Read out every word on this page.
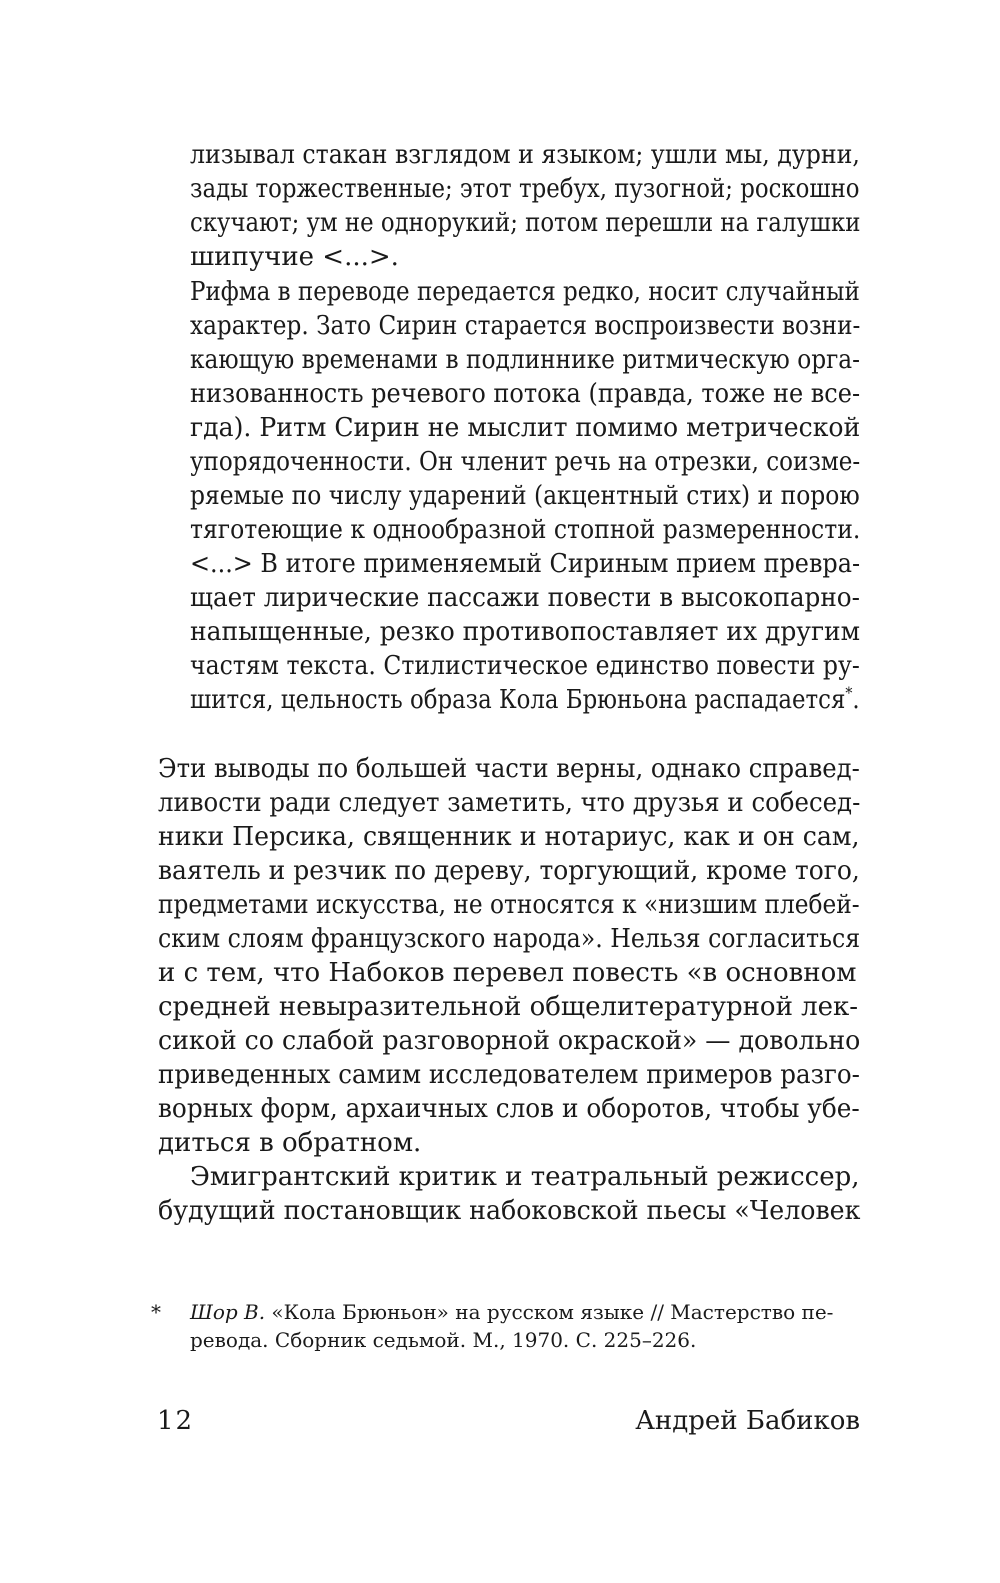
лизывал стакан взглядом и языком; ушли мы, дурни,

зады торжественные; этот требух, пузогной; роскошно

скучают; ум не однорукий; потом перешли на галушки

шипучие <...>.

Рифма в переводе передается редко, носит случайный

характер. Зато Сирин старается воспроизвести возни-

кающую временами в подлиннике ритмическую орга-

низованность речевого потока (правда, тоже не все-

гда). Ритм Сирин не мыслит помимо метрической

упорядоченности. Он членит речь на отрезки, соизме-

ряемые по числу ударений (акцентный стих) и порою

тяготеющие к однообразной стопной размеренности.

<...> В итоге применяемый Сириным прием превра-

щает лирические пассажи повести в высокопарно-

напыщенные, резко противопоставляет их другим

частям текста. Стилистическое единство повести ру-

шится, цельность образа Кола Брюньона распадается*.

Эти выводы по большей части верны, однако справед-

ливости ради следует заметить, что друзья и собесед-

ники Персика, священник и нотариус, как и он сам,

ваятель и резчик по дереву, торгующий, кроме того,

предметами искусства, не относятся к «низшим плебей-

ским слоям французского народа». Нельзя согласиться

и с тем, что Набоков перевел повесть «в основном

средней невыразительной общелитературной лек-

сикой со слабой разговорной окраской» — довольно

приведенных самим исследователем примеров разго-

ворных форм, архаичных слов и оборотов, чтобы убе-

диться в обратном.

Эмигрантский критик и театральный режиссер,

будущий постановщик набоковской пьесы «Человек

* Шор В. «Кола Брюньон» на русском языке // Мастерство пе-

ревода. Сборник седьмой. М., 1970. С. 225–226.

12	Андрей Бабиков
